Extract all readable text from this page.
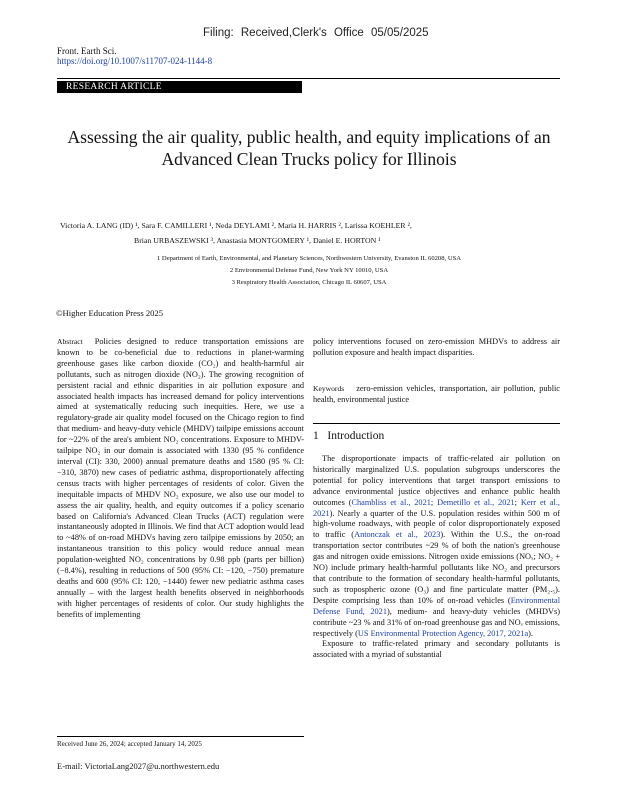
Filing: Received,Clerk's Office 05/05/2025
Front. Earth Sci.
https://doi.org/10.1007/s11707-024-1144-8
RESEARCH ARTICLE
Assessing the air quality, public health, and equity implications of an Advanced Clean Trucks policy for Illinois
Victoria A. LANG (ID) ¹, Sara F. CAMILLERI ¹, Neda DEYLAMI ², Maria H. HARRIS ², Larissa KOEHLER ²,
Brian URBASZEWSKI ³, Anastasia MONTGOMERY ¹, Daniel E. HORTON ¹
1 Department of Earth, Environmental, and Planetary Sciences, Northwestern University, Evanston IL 60208, USA
2 Environmental Defense Fund, New York NY 10010, USA
3 Respiratory Health Association, Chicago IL 60607, USA
©Higher Education Press 2025

Abstract Policies designed to reduce transportation emissions are known to be co-beneficial due to reductions in planet-warming greenhouse gases like carbon dioxide (CO₂) and health-harmful air pollutants, such as nitrogen dioxide (NO₂). The growing recognition of persistent racial and ethnic disparities in air pollution exposure and associated health impacts has increased demand for policy interventions aimed at systematically reducing such inequities. Here, we use a regulatory-grade air quality model focused on the Chicago region to find that medium- and heavy-duty vehicle (MHDV) tailpipe emissions account for ~22% of the area's ambient NO₂ concentrations. Exposure to MHDV-tailpipe NO₂ in our domain is associated with 1330 (95 % confidence interval (CI): 330, 2000) annual premature deaths and 1580 (95 % CI: −310, 3870) new cases of pediatric asthma, disproportionately affecting census tracts with higher percentages of residents of color. Given the inequitable impacts of MHDV NO₂ exposure, we also use our model to assess the air quality, health, and equity outcomes if a policy scenario based on California's Advanced Clean Trucks (ACT) regulation were instantaneously adopted in Illinois. We find that ACT adoption would lead to ~48% of on-road MHDVs having zero tailpipe emissions by 2050; an instantaneous transition to this policy would reduce annual mean population-weighted NO₂ concentrations by 0.98 ppb (parts per billion) (−8.4%), resulting in reductions of 500 (95% CI: −120, −750) premature deaths and 600 (95% CI: 120, −1440) fewer new pediatric asthma cases annually – with the largest health benefits observed in neighborhoods with higher percentages of residents of color. Our study highlights the benefits of implementing

policy interventions focused on zero-emission MHDVs to address air pollution exposure and health impact disparities.

Keywords zero-emission vehicles, transportation, air pollution, public health, environmental justice

1 Introduction

The disproportionate impacts of traffic-related air pollution on historically marginalized U.S. population subgroups underscores the potential for policy interventions that target transport emissions to advance environmental justice objectives and enhance public health outcomes (Chambliss et al., 2021; Demetillo et al., 2021; Kerr et al., 2021). Nearly a quarter of the U.S. population resides within 500 m of high-volume roadways, with people of color disproportionately exposed to traffic (Antonczak et al., 2023). Within the U.S., the on-road transportation sector contributes ~29 % of both the nation's greenhouse gas and nitrogen oxide emissions. Nitrogen oxide emissions (NOₓ; NO₂ + NO) include primary health-harmful pollutants like NO₂ and precursors that contribute to the formation of secondary health-harmful pollutants, such as tropospheric ozone (O₃) and fine particulate matter (PM₂.₅). Despite comprising less than 10% of on-road vehicles (Environmental Defense Fund, 2021), medium- and heavy-duty vehicles (MHDVs) contribute ~23 % and 31% of on-road greenhouse gas and NOₓ emissions, respectively (US Environmental Protection Agency, 2017, 2021a).

Exposure to traffic-related primary and secondary pollutants is associated with a myriad of substantial

Received June 26, 2024; accepted January 14, 2025
E-mail: VictoriaLang2027@u.northwestern.edu
